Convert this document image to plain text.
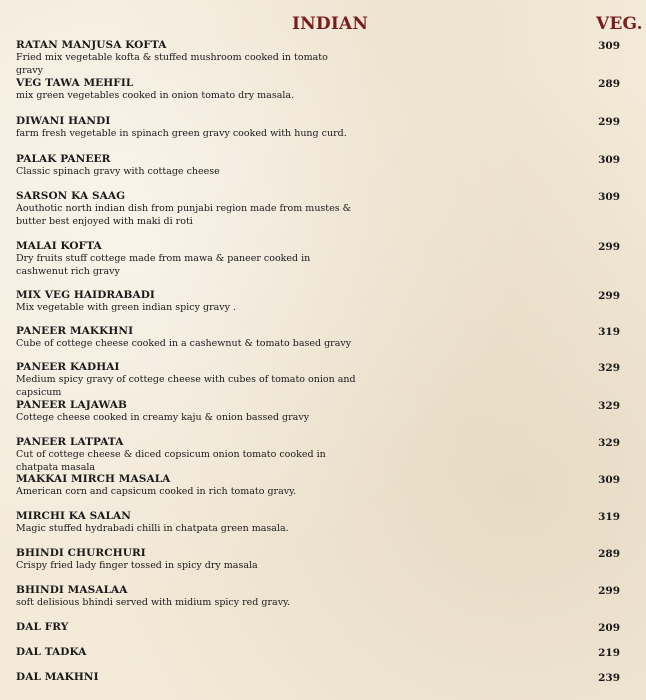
INDIAN	VEG.
RATAN MANJUSA KOFTA
Fried mix vegetable kofta & stuffed mushroom cooked in tomato gravy
309
VEG TAWA MEHFIL
mix green vegetables cooked in onion tomato dry masala.
289
DIWANI HANDI
farm fresh vegetable in spinach green gravy cooked with hung curd.
299
PALAK PANEER
Classic spinach gravy with cottage cheese
309
SARSON KA SAAG
Aouthotic north indian dish from punjabi region made from mustes &
butter best enjoyed with maki di roti
309
MALAI KOFTA
Dry fruits stuff cottege made from mawa & paneer cooked in
cashwenut rich gravy
299
MIX VEG HAIDRABADI
Mix vegetable with green indian spicy gravy .
299
PANEER MAKKHNI
Cube of cottege cheese cooked in a cashewnut & tomato based gravy
319
PANEER KADHAI
Medium spicy gravy of cottege cheese with cubes of tomato onion and capsicum
329
PANEER LAJAWAB
Cottege cheese cooked in creamy kaju & onion bassed gravy
329
PANEER LATPATA
Cut of cottege cheese & diced copsicum onion tomato cooked in chatpata masala
329
MAKKAI MIRCH MASALA
American corn and capsicum cooked in rich tomato gravy.
309
MIRCHI KA SALAN
Magic stuffed hydrabadi chilli in chatpata green masala.
319
BHINDI CHURCHURI
Crispy fried lady finger tossed in spicy dry masala
289
BHINDI MASALAA
soft delisious bhindi served with midium spicy red gravy.
299
DAL FRY	209
DAL TADKA	219
DAL MAKHNI	239
